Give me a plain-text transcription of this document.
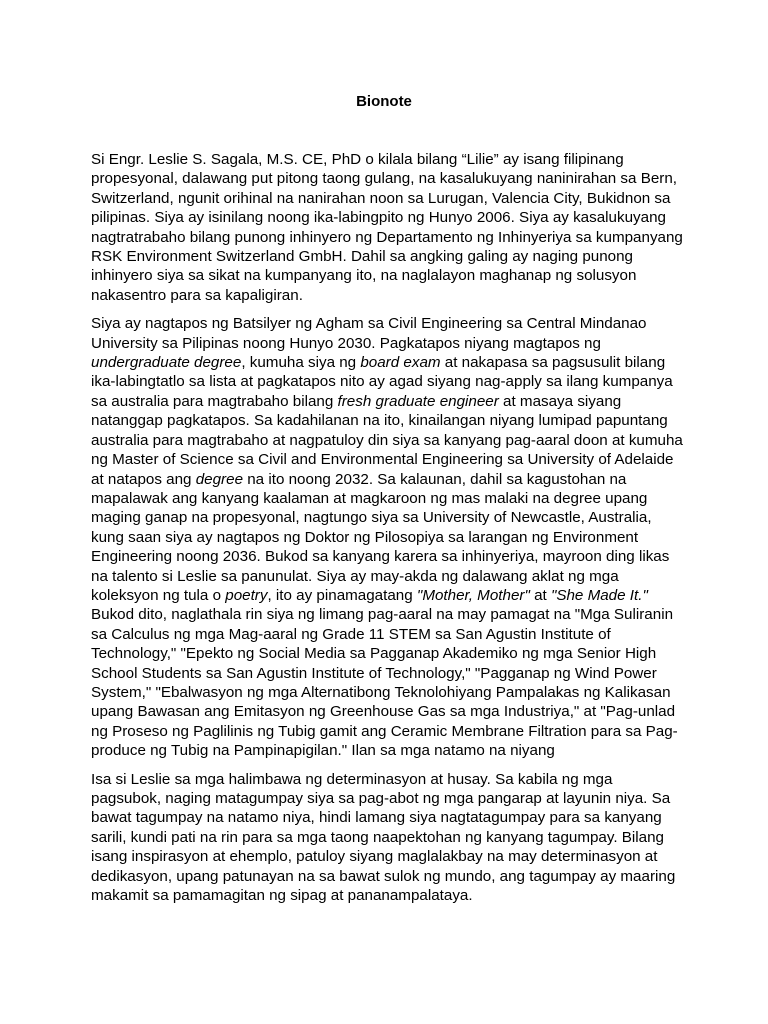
Bionote

Si Engr. Leslie S. Sagala, M.S. CE, PhD o kilala bilang “Lilie” ay isang filipinang propesyonal, dalawang put pitong taong gulang, na kasalukuyang naninirahan sa Bern, Switzerland, ngunit orihinal na nanirahan noon sa Lurugan, Valencia City, Bukidnon sa pilipinas. Siya ay isinilang noong ika-labingpito ng Hunyo 2006. Siya ay kasalukuyang nagtratrabaho bilang punong inhinyero ng Departamento ng Inhinyeriya sa kumpanyang RSK Environment Switzerland GmbH. Dahil sa angking galing ay naging punong inhinyero siya sa sikat na kumpanyang ito, na naglalayon maghanap ng solusyon nakasentro para sa kapaligiran.

Siya ay nagtapos ng Batsilyer ng Agham sa Civil Engineering sa Central Mindanao University sa Pilipinas noong Hunyo 2030. Pagkatapos niyang magtapos ng undergraduate degree, kumuha siya ng board exam at nakapasa sa pagsusulit bilang ika-labingtatlo sa lista at pagkatapos nito ay agad siyang nag-apply sa ilang kumpanya sa australia para magtrabaho bilang fresh graduate engineer at masaya siyang natanggap pagkatapos. Sa kadahilanan na ito, kinailangan niyang lumipad papuntang australia para magtrabaho at nagpatuloy din siya sa kanyang pag-aaral doon at kumuha ng Master of Science sa Civil and Environmental Engineering sa University of Adelaide at natapos ang degree na ito noong 2032. Sa kalaunan, dahil sa kagustohan na mapalawak ang kanyang kaalaman at magkaroon ng mas malaki na degree upang maging ganap na propesyonal, nagtungo siya sa University of Newcastle, Australia, kung saan siya ay nagtapos ng Doktor ng Pilosopiya sa larangan ng Environment Engineering noong 2036. Bukod sa kanyang karera sa inhinyeriya, mayroon ding likas na talento si Leslie sa panunulat. Siya ay may-akda ng dalawang aklat ng mga koleksyon ng tula o poetry, ito ay pinamagatang "Mother, Mother" at "She Made It." Bukod dito, naglathala rin siya ng limang pag-aaral na may pamagat na "Mga Suliranin sa Calculus ng mga Mag-aaral ng Grade 11 STEM sa San Agustin Institute of Technology," "Epekto ng Social Media sa Pagganap Akademiko ng mga Senior High School Students sa San Agustin Institute of Technology," "Pagganap ng Wind Power System," "Ebalwasyon ng mga Alternatibong Teknolohiyang Pampalakas ng Kalikasan upang Bawasan ang Emitasyon ng Greenhouse Gas sa mga Industriya," at "Pag-unlad ng Proseso ng Paglilinis ng Tubig gamit ang Ceramic Membrane Filtration para sa Pag-produce ng Tubig na Pampinapigilan." Ilan sa mga natamo na niyang

Isa si Leslie sa mga halimbawa ng determinasyon at husay. Sa kabila ng mga pagsubok, naging matagumpay siya sa pag-abot ng mga pangarap at layunin niya. Sa bawat tagumpay na natamo niya, hindi lamang siya nagtatagumpay para sa kanyang sarili, kundi pati na rin para sa mga taong naapektohan ng kanyang tagumpay. Bilang isang inspirasyon at ehemplo, patuloy siyang maglalakbay na may determinasyon at dedikasyon, upang patunayan na sa bawat sulok ng mundo, ang tagumpay ay maaring makamit sa pamamagitan ng sipag at pananampalataya.
